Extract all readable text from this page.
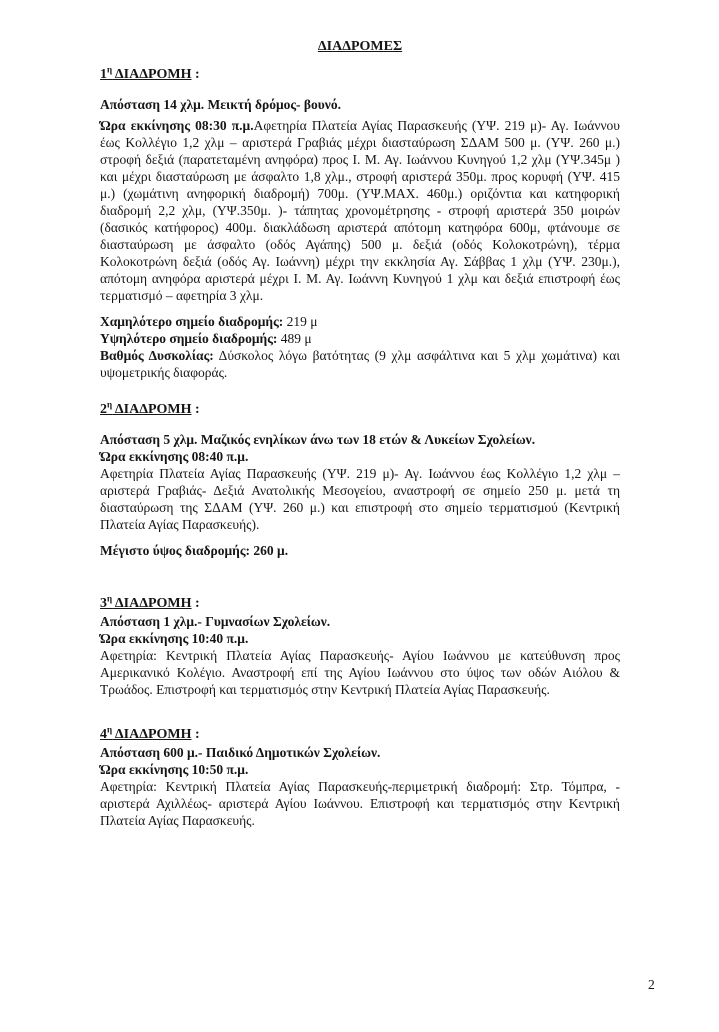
ΔΙΑΔΡΟΜΕΣ
$1^\eta$ ΔΙΑΔΡΟΜΗ :

Απόσταση 14 χλμ. Μεικτή δρόμος- βουνό.

Ώρα εκκίνησης 08:30 π.μ.Αφετηρία Πλατεία Αγίας Παρασκευής (ΥΨ. 219 μ)- Αγ. Ιωάννου έως Κολλέγιο 1,2 χλμ – αριστερά Γραβιάς μέχρι διασταύρωση ΣΔΑΜ 500 μ. (ΥΨ. 260 μ.) στροφή δεξιά (παρατεταμένη ανηφόρα) προς Ι. Μ. Αγ. Ιωάννου Κυνηγού 1,2 χλμ (ΥΨ.345μ ) και μέχρι διασταύρωση με άσφαλτο 1,8 χλμ., στροφή αριστερά 350μ. προς κορυφή (ΥΨ. 415 μ.) (χωμάτινη ανηφορική διαδρομή) 700μ. (ΥΨ.ΜΑΧ. 460μ.) οριζόντια και κατηφορική διαδρομή 2,2 χλμ, (ΥΨ.350μ. )- τάπητας χρονομέτρησης - στροφή αριστερά 350 μοιρών (δασικός κατήφορος) 400μ. διακλάδωση αριστερά απότομη κατηφόρα 600μ, φτάνουμε σε διασταύρωση με άσφαλτο (οδός Αγάπης) 500 μ. δεξιά (οδός Κολοκοτρώνη), τέρμα Κολοκοτρώνη δεξιά (οδός Αγ. Ιωάννη) μέχρι την εκκλησία Αγ. Σάββας 1 χλμ (ΥΨ. 230μ.), απότομη ανηφόρα αριστερά μέχρι Ι. Μ. Αγ. Ιωάννη Κυνηγού 1 χλμ και δεξιά επιστροφή έως τερματισμό – αφετηρία 3 χλμ.

Χαμηλότερο σημείο διαδρομής: 219 μ

Υψηλότερο σημείο διαδρομής: 489 μ

Βαθμός Δυσκολίας: Δύσκολος λόγω βατότητας (9 χλμ ασφάλτινα και 5 χλμ χωμάτινα) και υψομετρικής διαφοράς.

$2^\eta$ ΔΙΑΔΡΟΜΗ :

Απόσταση 5 χλμ. Μαζικός ενηλίκων άνω των 18 ετών & Λυκείων Σχολείων.

Ώρα εκκίνησης 08:40 π.μ.

Αφετηρία Πλατεία Αγίας Παρασκευής (ΥΨ. 219 μ)- Αγ. Ιωάννου έως Κολλέγιο 1,2 χλμ – αριστερά Γραβιάς- Δεξιά Ανατολικής Μεσογείου, αναστροφή σε σημείο 250 μ. μετά τη διασταύρωση της ΣΔΑΜ (ΥΨ. 260 μ.) και επιστροφή στο σημείο τερματισμού (Κεντρική Πλατεία Αγίας Παρασκευής).

Μέγιστο ύψος διαδρομής: 260 μ.

$3^\eta$ ΔΙΑΔΡΟΜΗ :

Απόσταση 1 χλμ.- Γυμνασίων Σχολείων.

Ώρα εκκίνησης 10:40 π.μ.

Αφετηρία: Κεντρική Πλατεία Αγίας Παρασκευής- Αγίου Ιωάννου με κατεύθυνση προς Αμερικανικό Κολέγιο. Αναστροφή επί της Αγίου Ιωάννου στο ύψος των οδών Αιόλου & Τρωάδος. Επιστροφή και τερματισμός στην Κεντρική Πλατεία Αγίας Παρασκευής.

$4^\eta$ ΔΙΑΔΡΟΜΗ :

Απόσταση 600 μ.- Παιδικό Δημοτικών Σχολείων.

Ώρα εκκίνησης 10:50 π.μ.

Αφετηρία: Κεντρική Πλατεία Αγίας Παρασκευής-περιμετρική διαδρομή: Στρ. Τόμπρα, - αριστερά Αχιλλέως- αριστερά Αγίου Ιωάννου. Επιστροφή και τερματισμός στην Κεντρική Πλατεία Αγίας Παρασκευής.

2
